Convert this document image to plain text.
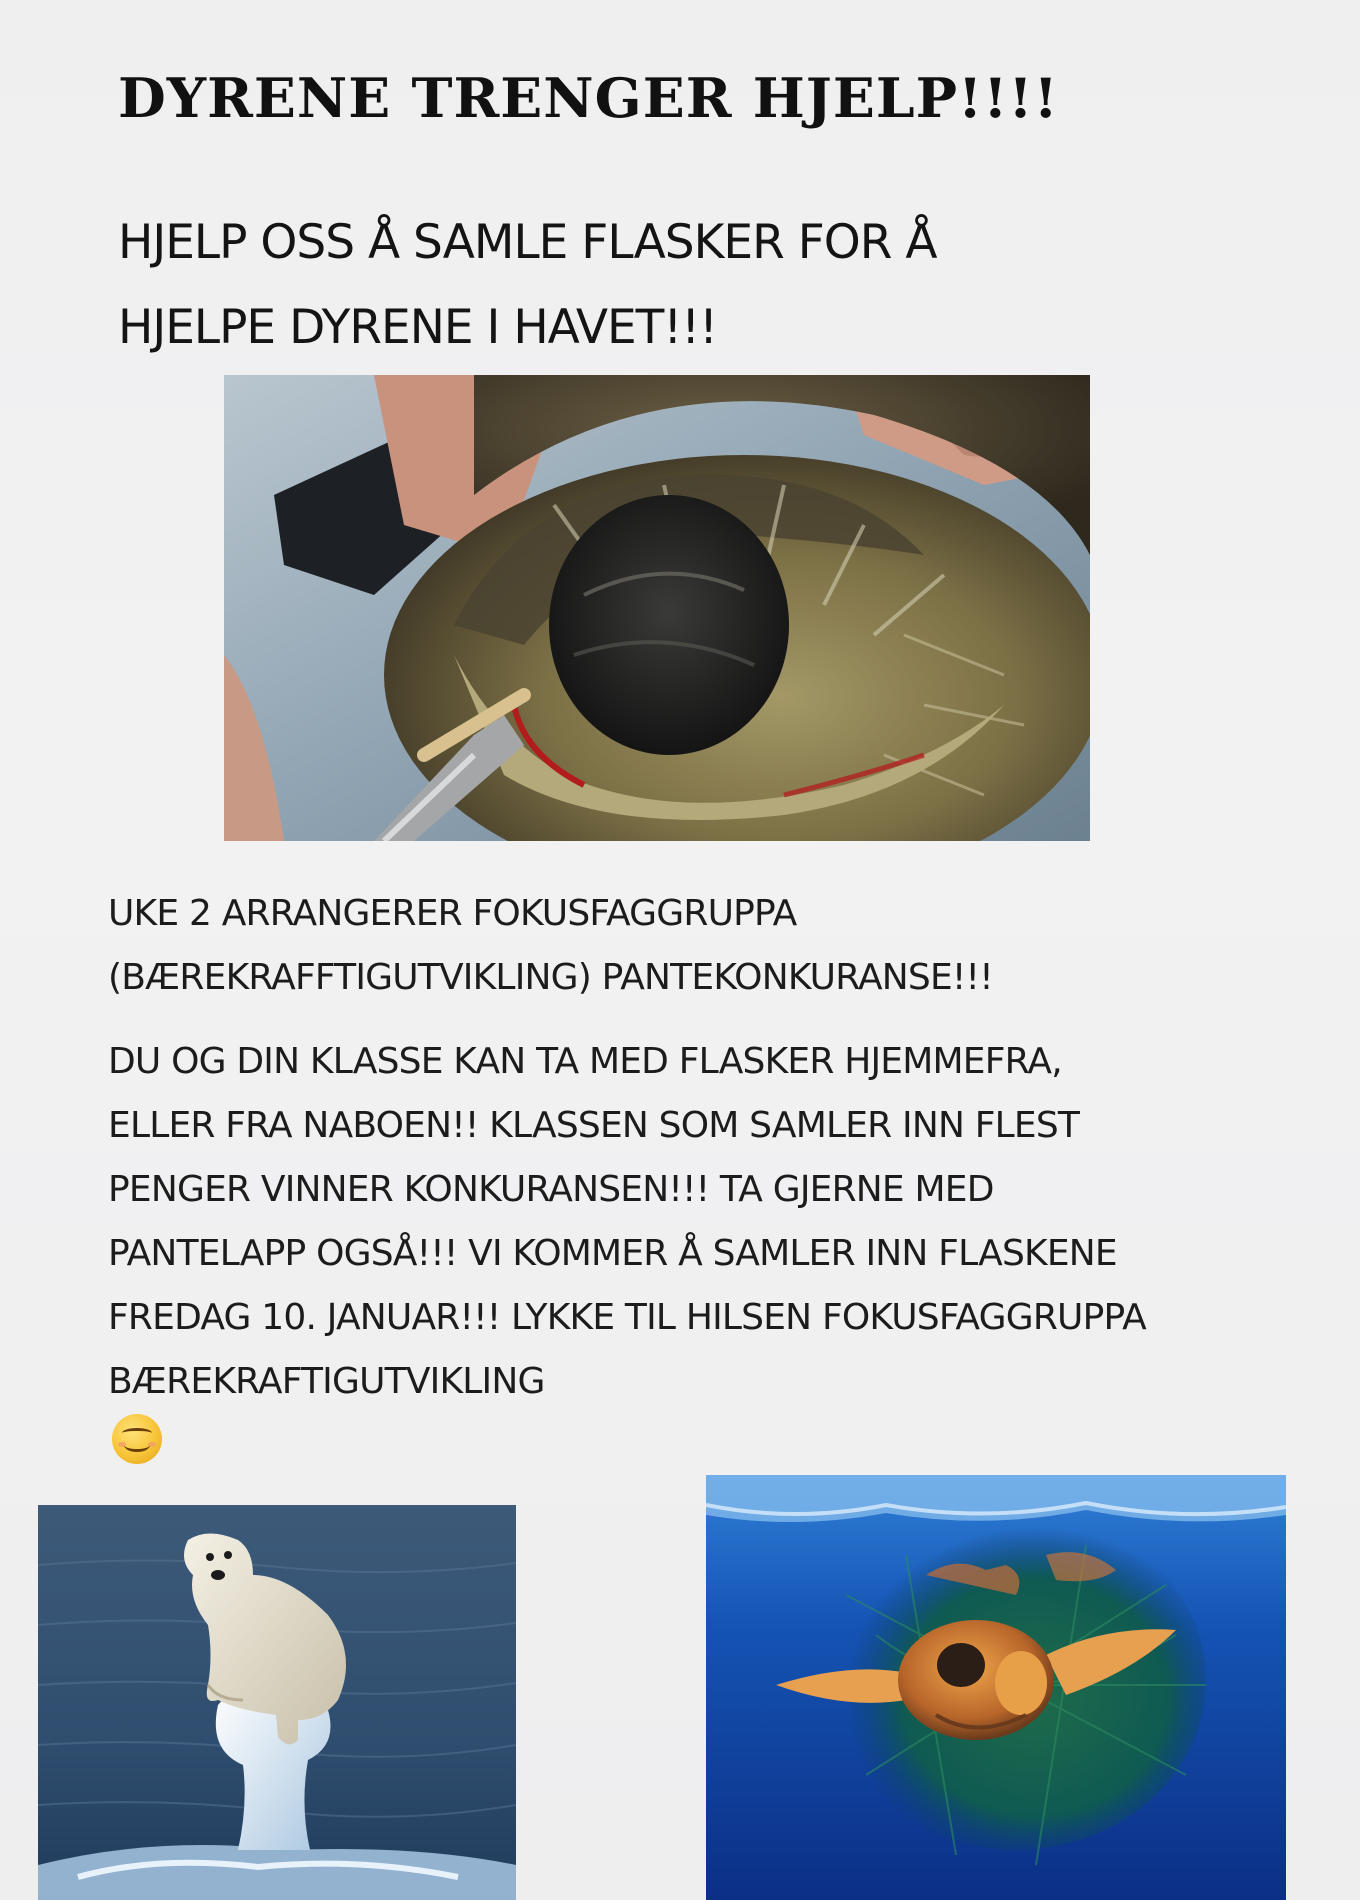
DYRENE TRENGER HJELP!!!!
HJELP OSS Å SAMLE FLASKER FOR Å
HJELPE DYRENE I HAVET!!!

UKE 2 ARRANGERER FOKUSFAGGRUPPA
(BÆREKRAFFTIGUTVIKLING) PANTEKONKURANSE!!!

DU OG DIN KLASSE KAN TA MED FLASKER HJEMMEFRA,
ELLER FRA NABOEN!! KLASSEN SOM SAMLER INN FLEST
PENGER VINNER KONKURANSEN!!! TA GJERNE MED
PANTELAPP OGSÅ!!! VI KOMMER Å SAMLER INN FLASKENE
FREDAG 10. JANUAR!!! LYKKE TIL HILSEN FOKUSFAGGRUPPA
BÆREKRAFTIGUTVIKLING
